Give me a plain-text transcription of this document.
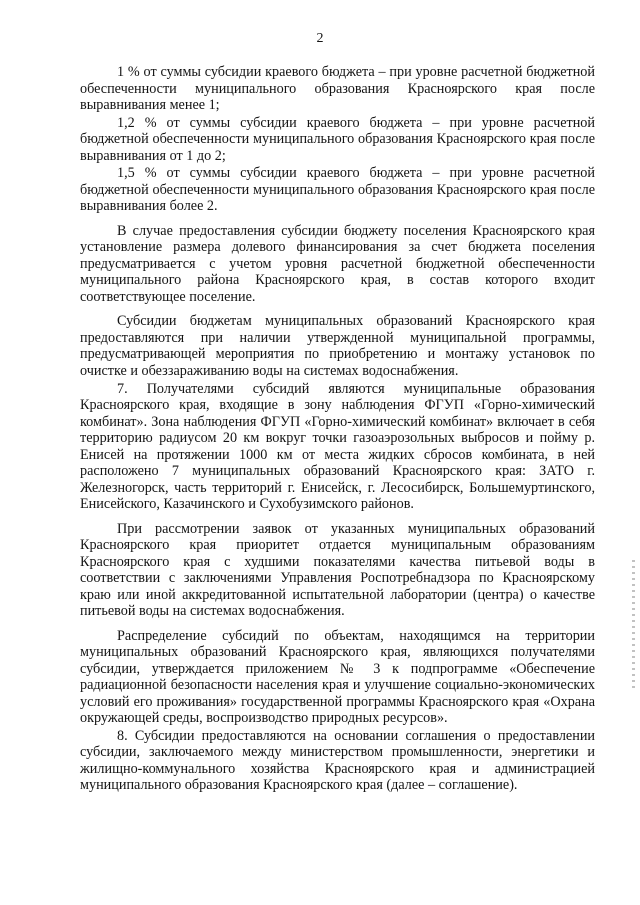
2

1 % от суммы субсидии краевого бюджета – при уровне расчетной бюджетной обеспеченности муниципального образования Красноярского края после выравнивания менее 1;

1,2 % от суммы субсидии краевого бюджета – при уровне расчетной бюджетной обеспеченности муниципального образования Красноярского края после выравнивания от 1 до 2;

1,5 % от суммы субсидии краевого бюджета – при уровне расчетной бюджетной обеспеченности муниципального образования Красноярского края после выравнивания более 2.

В случае предоставления субсидии бюджету поселения Красноярского края установление размера долевого финансирования за счет бюджета поселения предусматривается с учетом уровня расчетной бюджетной обеспеченности муниципального района Красноярского края, в состав которого входит соответствующее поселение.

Субсидии бюджетам муниципальных образований Красноярского края предоставляются при наличии утвержденной муниципальной программы, предусматривающей мероприятия по приобретению и монтажу установок по очистке и обеззараживанию воды на системах водоснабжения.

7. Получателями субсидий являются муниципальные образования Красноярского края, входящие в зону наблюдения ФГУП «Горно-химический комбинат». Зона наблюдения ФГУП «Горно-химический комбинат» включает в себя территорию радиусом 20 км вокруг точки газоаэрозольных выбросов и пойму р. Енисей на протяжении 1000 км от места жидких сбросов комбината, в ней расположено 7 муниципальных образований Красноярского края: ЗАТО г. Железногорск, часть территорий г. Енисейск, г. Лесосибирск, Большемуртинского, Енисейского, Казачинского и Сухобузимского районов.

При рассмотрении заявок от указанных муниципальных образований Красноярского края приоритет отдается муниципальным образованиям Красноярского края с худшими показателями качества питьевой воды в соответствии с заключениями Управления Роспотребнадзора по Красноярскому краю или иной аккредитованной испытательной лаборатории (центра) о качестве питьевой воды на системах водоснабжения.

Распределение субсидий по объектам, находящимся на территории муниципальных образований Красноярского края, являющихся получателями субсидии, утверждается приложением № 3 к подпрограмме «Обеспечение радиационной безопасности населения края и улучшение социально-экономических условий его проживания» государственной программы Красноярского края «Охрана окружающей среды, воспроизводство природных ресурсов».

8. Субсидии предоставляются на основании соглашения о предоставлении субсидии, заключаемого между министерством промышленности, энергетики и жилищно-коммунального хозяйства Красноярского края и администрацией муниципального образования Красноярского края (далее – соглашение).
